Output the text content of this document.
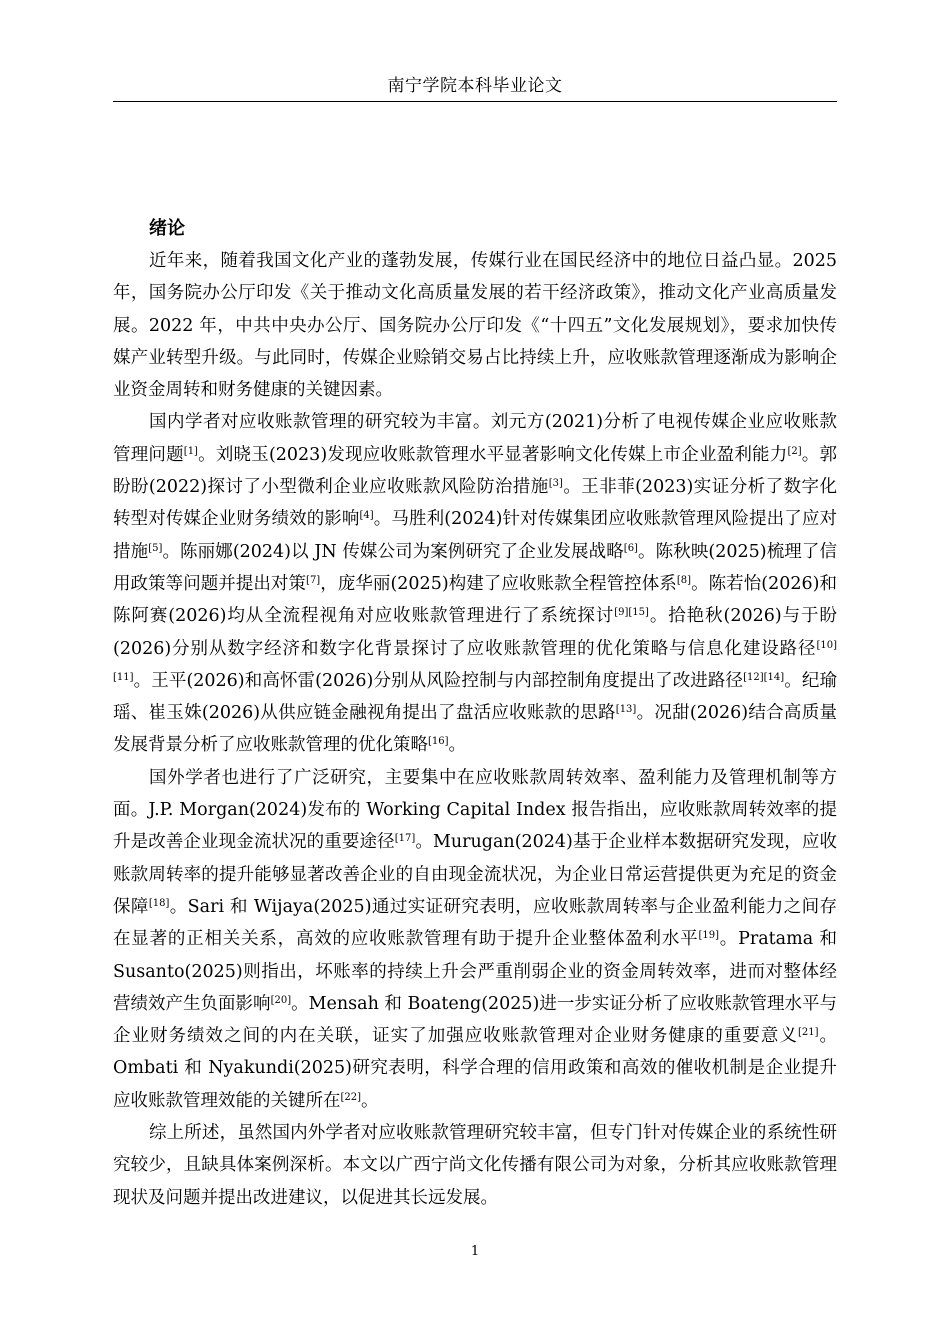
南宁学院本科毕业论文
绪论

近年来，随着我国文化产业的蓬勃发展，传媒行业在国民经济中的地位日益凸显。2025 年，国务院办公厅印发《关于推动文化高质量发展的若干经济政策》，推动文化产业高质量发展。2022 年，中共中央办公厅、国务院办公厅印发《“十四五”文化发展规划》，要求加快传媒产业转型升级。与此同时，传媒企业赊销交易占比持续上升，应收账款管理逐渐成为影响企业资金周转和财务健康的关键因素。

国内学者对应收账款管理的研究较为丰富。刘元方(2021)分析了电视传媒企业应收账款管理问题[1]。刘晓玉(2023)发现应收账款管理水平显著影响文化传媒上市企业盈利能力[2]。郭盼盼(2022)探讨了小型微利企业应收账款风险防治措施[3]。王非菲(2023)实证分析了数字化转型对传媒企业财务绩效的影响[4]。马胜利(2024)针对传媒集团应收账款管理风险提出了应对措施[5]。陈丽娜(2024)以 JN 传媒公司为案例研究了企业发展战略[6]。陈秋映(2025)梳理了信用政策等问题并提出对策[7]，庞华丽(2025)构建了应收账款全程管控体系[8]。陈若怡(2026)和陈阿赛(2026)均从全流程视角对应收账款管理进行了系统探讨[9][15]。拾艳秋(2026)与于盼(2026)分别从数字经济和数字化背景探讨了应收账款管理的优化策略与信息化建设路径[10][11]。王平(2026)和高怀雷(2026)分别从风险控制与内部控制角度提出了改进路径[12][14]。纪瑜瑶、崔玉姝(2026)从供应链金融视角提出了盘活应收账款的思路[13]。况甜(2026)结合高质量发展背景分析了应收账款管理的优化策略[16]。

国外学者也进行了广泛研究，主要集中在应收账款周转效率、盈利能力及管理机制等方面。J.P. Morgan(2024)发布的 Working Capital Index 报告指出，应收账款周转效率的提升是改善企业现金流状况的重要途径[17]。Murugan(2024)基于企业样本数据研究发现，应收账款周转率的提升能够显著改善企业的自由现金流状况，为企业日常运营提供更为充足的资金保障[18]。Sari 和 Wijaya(2025)通过实证研究表明，应收账款周转率与企业盈利能力之间存在显著的正相关关系，高效的应收账款管理有助于提升企业整体盈利水平[19]。Pratama 和 Susanto(2025)则指出，坏账率的持续上升会严重削弱企业的资金周转效率，进而对整体经营绩效产生负面影响[20]。Mensah 和 Boateng(2025)进一步实证分析了应收账款管理水平与企业财务绩效之间的内在关联，证实了加强应收账款管理对企业财务健康的重要意义[21]。Ombati 和 Nyakundi(2025)研究表明，科学合理的信用政策和高效的催收机制是企业提升应收账款管理效能的关键所在[22]。

综上所述，虽然国内外学者对应收账款管理研究较丰富，但专门针对传媒企业的系统性研究较少，且缺具体案例深析。本文以广西宁尚文化传播有限公司为对象，分析其应收账款管理现状及问题并提出改进建议，以促进其长远发展。

1
